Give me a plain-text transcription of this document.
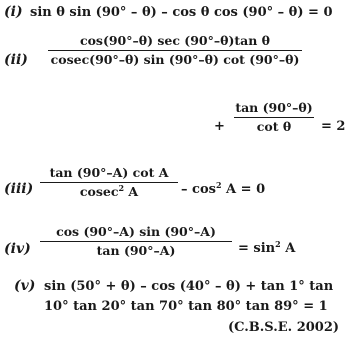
(i) sin θ sin (90° – θ) – cos θ cos (90° – θ) = 0
(ii)
cos(90°–θ) sec (90°–θ)tan θ
cosec(90°–θ) sin (90°–θ) cot (90°–θ)
+
tan (90°–θ)
cot θ	= 2
(iii)
tan (90°–A) cot A
cosec$^2$ A	– $\cos^2 A = 0$
(iv)
cos (90°–A) sin (90°–A)
tan (90°–A)	= $\sin^2 A$
(v) sin (50° + θ) – cos (40° – θ) + tan 1° tan
10° tan 20° tan 70° tan 80° tan 89° = 1
(C.B.S.E. 2002)
